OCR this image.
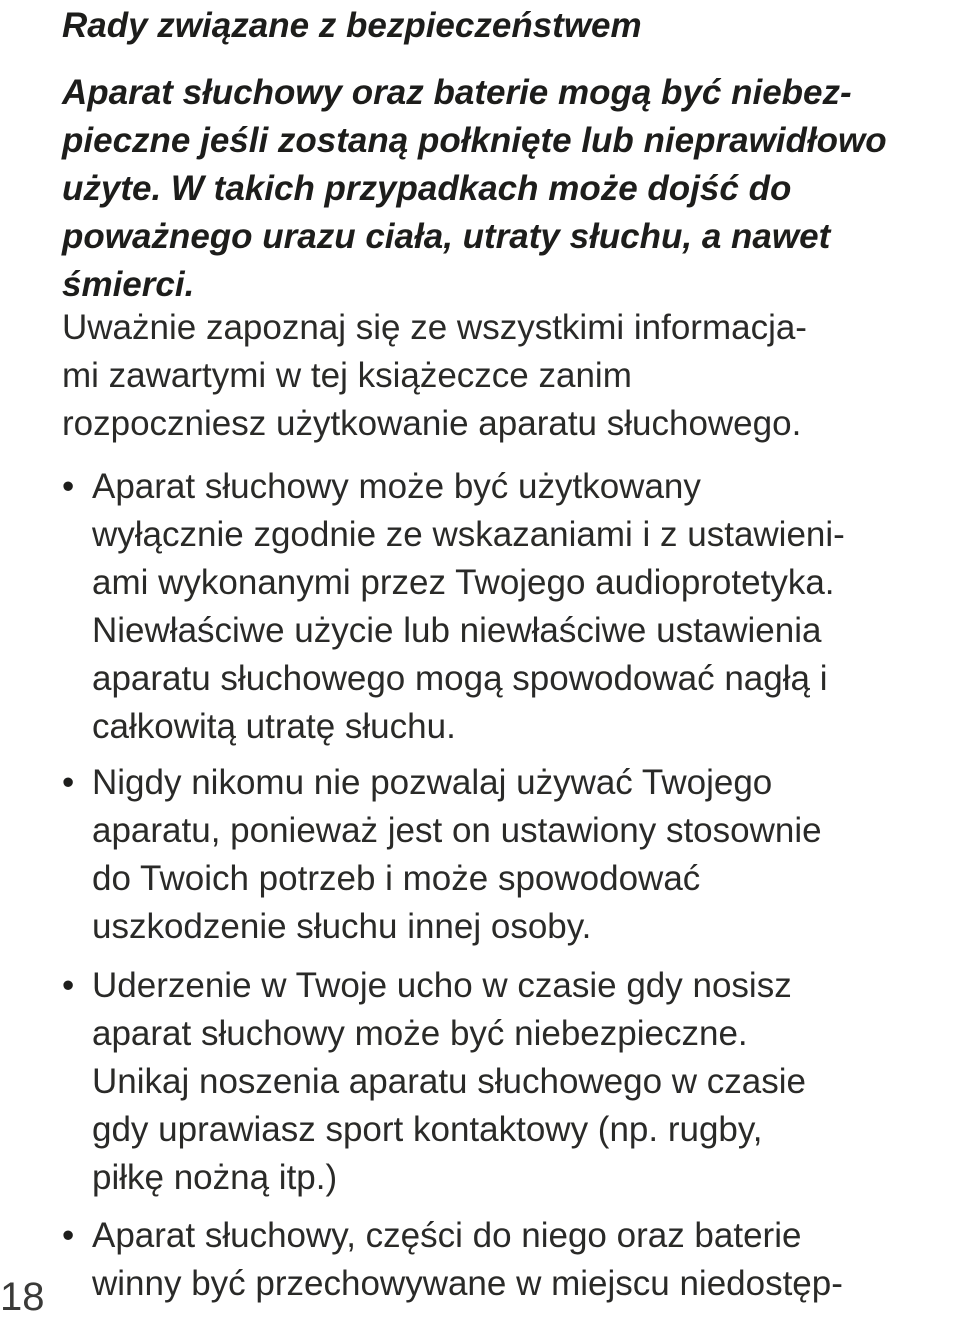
Rady związane z bezpieczeństwem

Aparat słuchowy oraz baterie mogą być niebez-
pieczne jeśli zostaną połknięte lub nieprawidłowo
użyte. W takich przypadkach może dojść do
poważnego urazu ciała, utraty słuchu, a nawet
śmierci.

Uważnie zapoznaj się ze wszystkimi informacja-
mi zawartymi w tej książeczce zanim
rozpoczniesz użytkowanie aparatu słuchowego.

• Aparat słuchowy może być użytkowany
wyłącznie zgodnie ze wskazaniami i z ustawieni-
ami wykonanymi przez Twojego audioprotetyka.
Niewłaściwe użycie lub niewłaściwe ustawienia
aparatu słuchowego mogą spowodować nagłą i
całkowitą utratę słuchu.

• Nigdy nikomu nie pozwalaj używać Twojego
aparatu, ponieważ jest on ustawiony stosownie
do Twoich potrzeb i może spowodować
uszkodzenie słuchu innej osoby.

• Uderzenie w Twoje ucho w czasie gdy nosisz
aparat słuchowy może być niebezpieczne.
Unikaj noszenia aparatu słuchowego w czasie
gdy uprawiasz sport kontaktowy (np. rugby,
piłkę nożną itp.)

• Aparat słuchowy, części do niego oraz baterie
winny być przechowywane w miejscu niedostęp-

18
